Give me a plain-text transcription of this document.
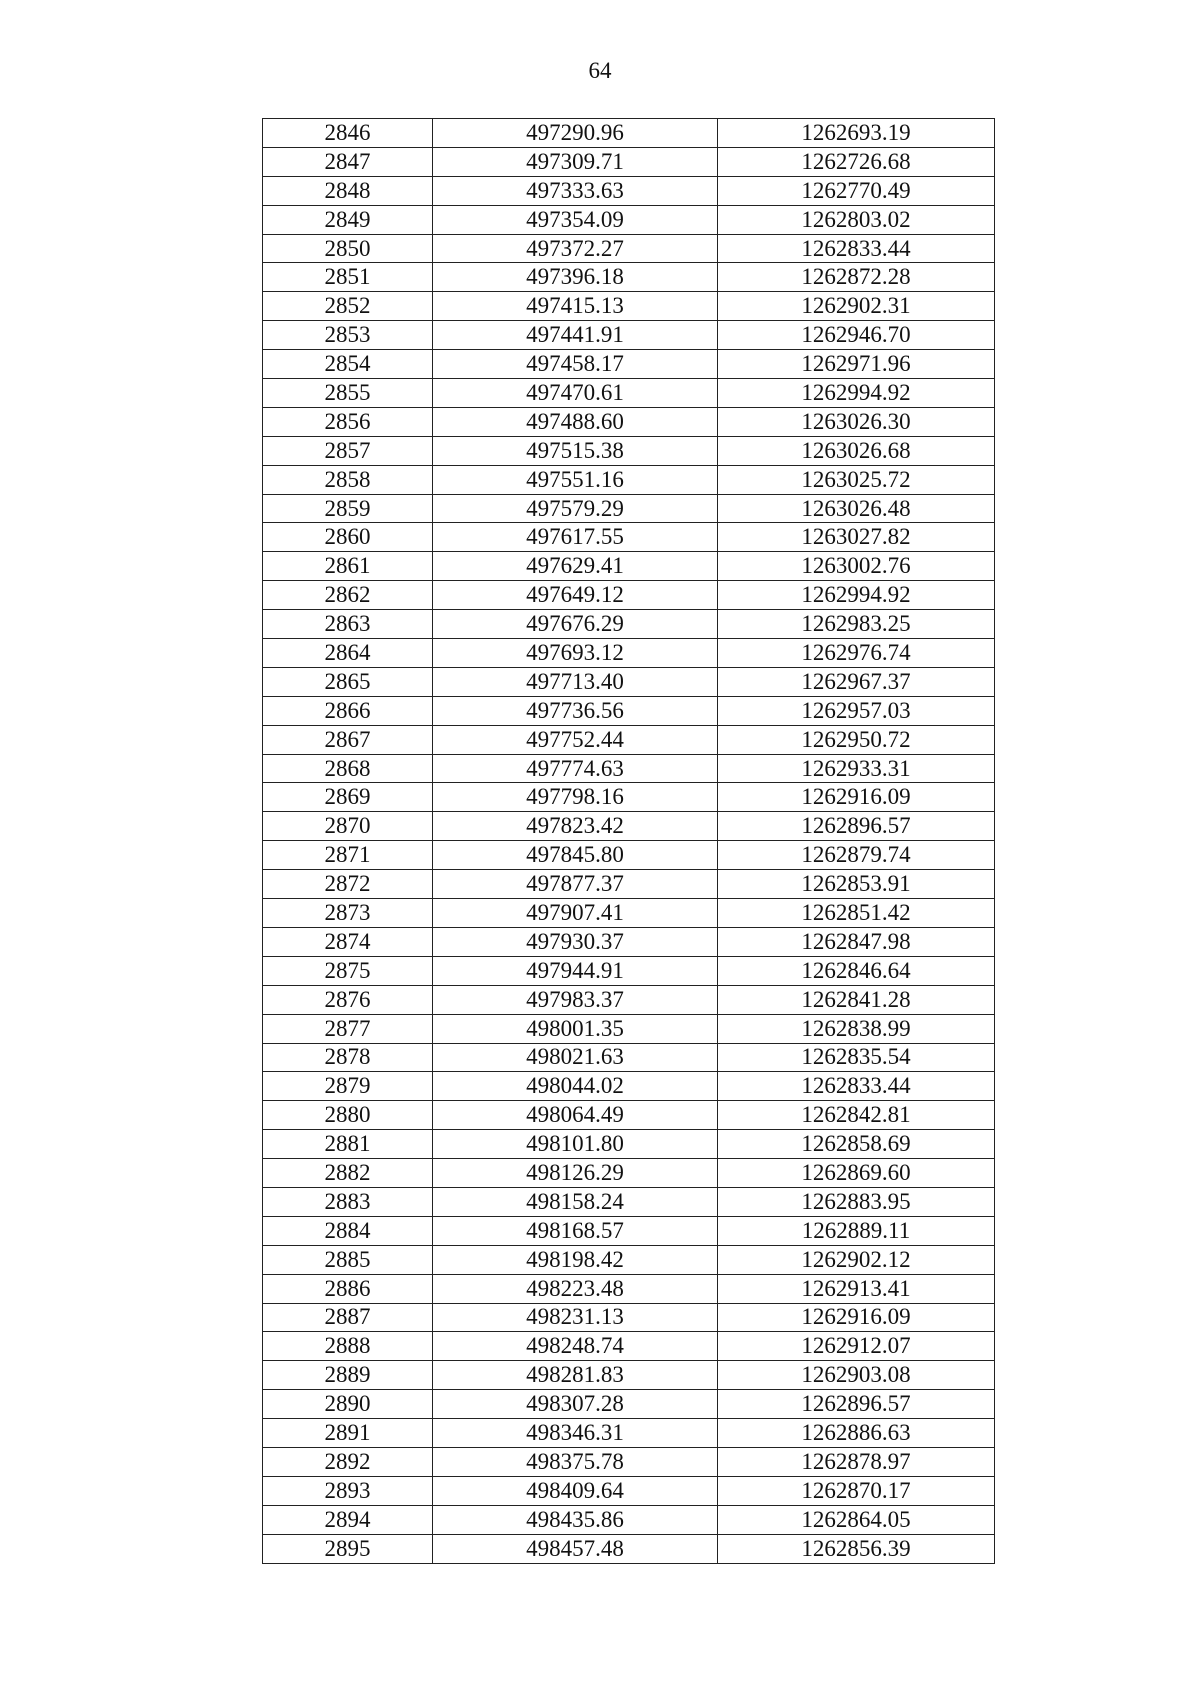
64
2846	497290.96	1262693.19
2847	497309.71	1262726.68
2848	497333.63	1262770.49
2849	497354.09	1262803.02
2850	497372.27	1262833.44
2851	497396.18	1262872.28
2852	497415.13	1262902.31
2853	497441.91	1262946.70
2854	497458.17	1262971.96
2855	497470.61	1262994.92
2856	497488.60	1263026.30
2857	497515.38	1263026.68
2858	497551.16	1263025.72
2859	497579.29	1263026.48
2860	497617.55	1263027.82
2861	497629.41	1263002.76
2862	497649.12	1262994.92
2863	497676.29	1262983.25
2864	497693.12	1262976.74
2865	497713.40	1262967.37
2866	497736.56	1262957.03
2867	497752.44	1262950.72
2868	497774.63	1262933.31
2869	497798.16	1262916.09
2870	497823.42	1262896.57
2871	497845.80	1262879.74
2872	497877.37	1262853.91
2873	497907.41	1262851.42
2874	497930.37	1262847.98
2875	497944.91	1262846.64
2876	497983.37	1262841.28
2877	498001.35	1262838.99
2878	498021.63	1262835.54
2879	498044.02	1262833.44
2880	498064.49	1262842.81
2881	498101.80	1262858.69
2882	498126.29	1262869.60
2883	498158.24	1262883.95
2884	498168.57	1262889.11
2885	498198.42	1262902.12
2886	498223.48	1262913.41
2887	498231.13	1262916.09
2888	498248.74	1262912.07
2889	498281.83	1262903.08
2890	498307.28	1262896.57
2891	498346.31	1262886.63
2892	498375.78	1262878.97
2893	498409.64	1262870.17
2894	498435.86	1262864.05
2895	498457.48	1262856.39
